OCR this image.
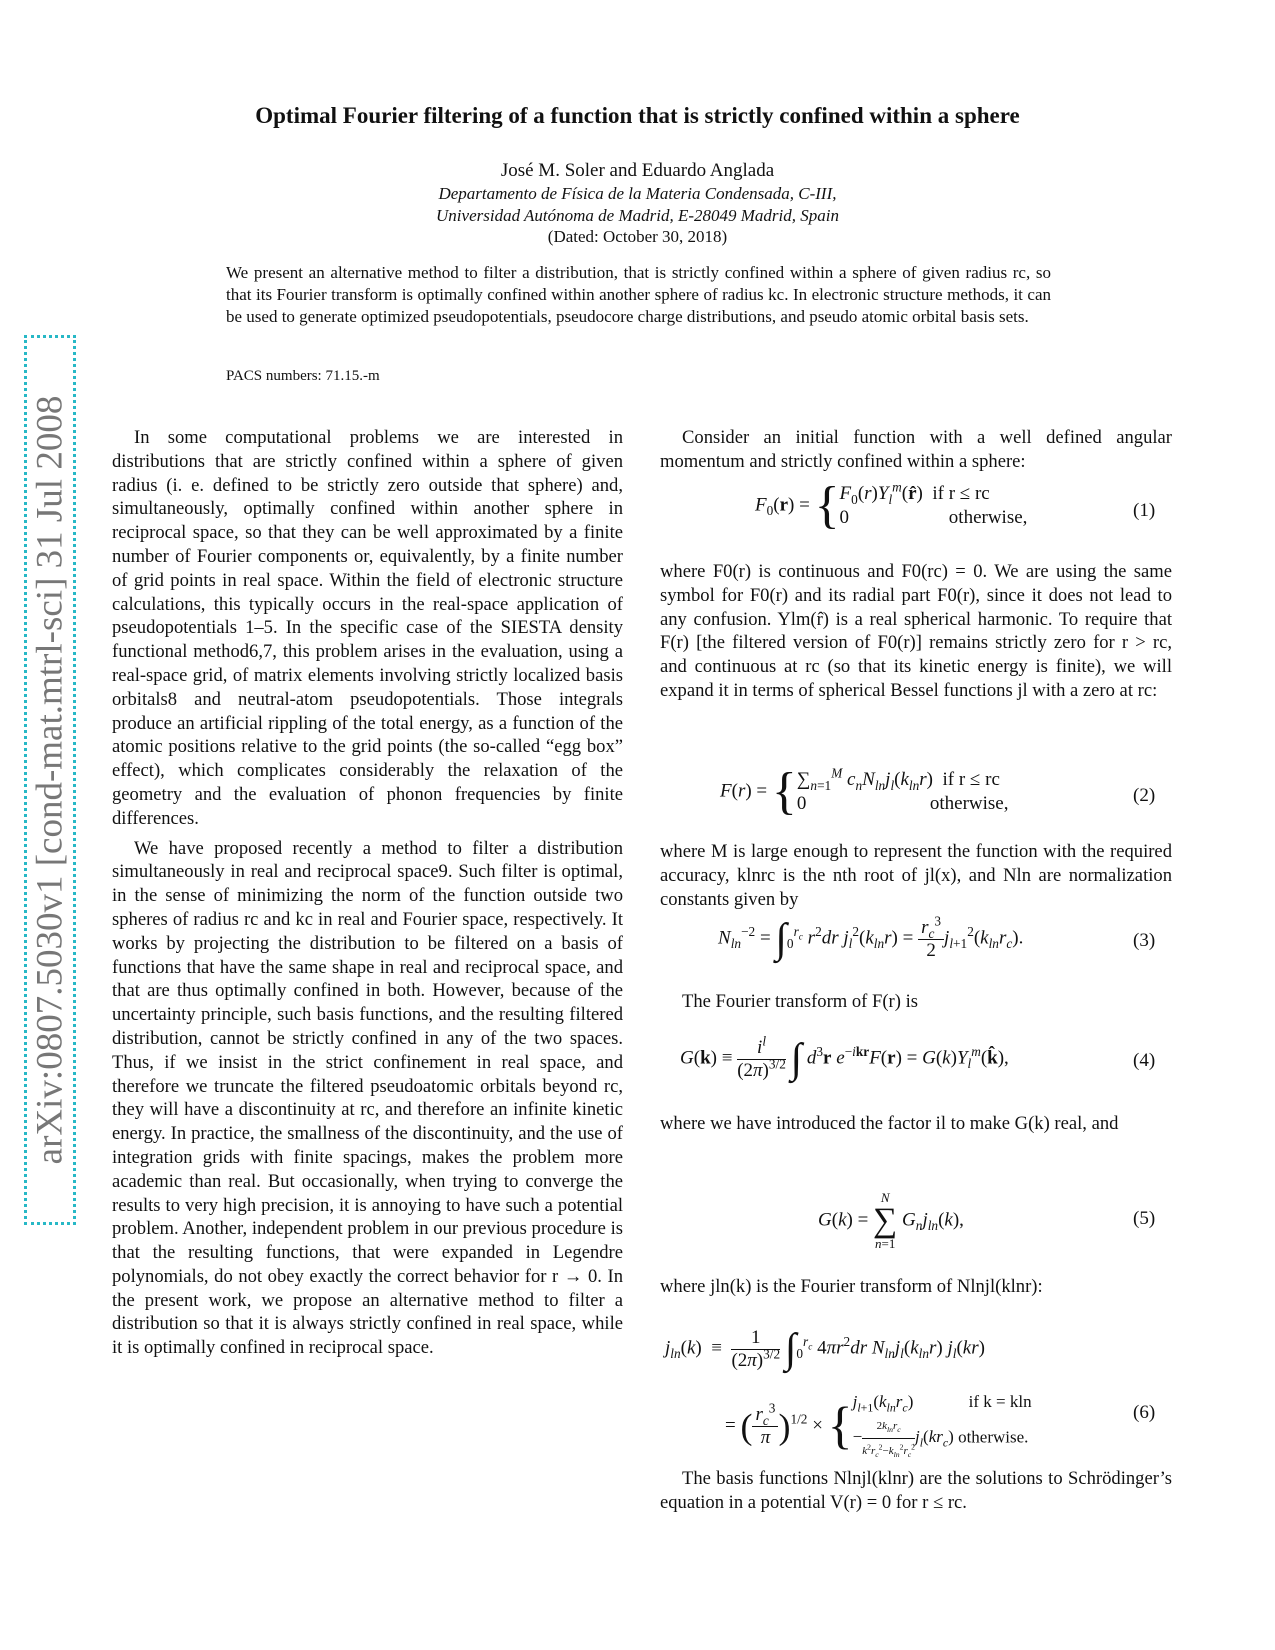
arXiv:0807.5030v1 [cond-mat.mtrl-sci] 31 Jul 2008
Optimal Fourier filtering of a function that is strictly confined within a sphere
José M. Soler and Eduardo Anglada
Departamento de Física de la Materia Condensada, C-III,
Universidad Autónoma de Madrid, E-28049 Madrid, Spain
(Dated: October 30, 2018)
We present an alternative method to filter a distribution, that is strictly confined within a sphere of given radius rc, so that its Fourier transform is optimally confined within another sphere of radius kc. In electronic structure methods, it can be used to generate optimized pseudopotentials, pseudocore charge distributions, and pseudo atomic orbital basis sets.
PACS numbers: 71.15.-m

In some computational problems we are interested in distributions that are strictly confined within a sphere of given radius (i. e. defined to be strictly zero outside that sphere) and, simultaneously, optimally confined within another sphere in reciprocal space, so that they can be well approximated by a finite number of Fourier components or, equivalently, by a finite number of grid points in real space. Within the field of electronic structure calculations, this typically occurs in the real-space application of pseudopotentials 1–5. In the specific case of the SIESTA density functional method6,7, this problem arises in the evaluation, using a real-space grid, of matrix elements involving strictly localized basis orbitals8 and neutral-atom pseudopotentials. Those integrals produce an artificial rippling of the total energy, as a function of the atomic positions relative to the grid points (the so-called “egg box” effect), which complicates considerably the relaxation of the geometry and the evaluation of phonon frequencies by finite differences.

We have proposed recently a method to filter a distribution simultaneously in real and reciprocal space9. Such filter is optimal, in the sense of minimizing the norm of the function outside two spheres of radius rc and kc in real and Fourier space, respectively. It works by projecting the distribution to be filtered on a basis of functions that have the same shape in real and reciprocal space, and that are thus optimally confined in both. However, because of the uncertainty principle, such basis functions, and the resulting filtered distribution, cannot be strictly confined in any of the two spaces. Thus, if we insist in the strict confinement in real space, and therefore we truncate the filtered pseudoatomic orbitals beyond rc, they will have a discontinuity at rc, and therefore an infinite kinetic energy. In practice, the smallness of the discontinuity, and the use of integration grids with finite spacings, makes the problem more academic than real. But occasionally, when trying to converge the results to very high precision, it is annoying to have such a potential problem. Another, independent problem in our previous procedure is that the resulting functions, that were expanded in Legendre polynomials, do not obey exactly the correct behavior for r → 0. In the present work, we propose an alternative method to filter a distribution so that it is always strictly confined in real space, while it is optimally confined in reciprocal space.

Consider an initial function with a well defined angular momentum and strictly confined within a sphere:

$F_0(r)$ = {$F_0(r)Y_l^m(r̂)$  if r ≤ rc
0                     otherwise,	(1)

where F0(r) is continuous and F0(rc) = 0. We are using the same symbol for F0(r) and its radial part F0(r), since it does not lead to any confusion. Ylm(r̂) is a real spherical harmonic. To require that F(r) [the filtered version of F0(r)] remains strictly zero for r > rc, and continuous at rc (so that its kinetic energy is finite), we will expand it in terms of spherical Bessel functions jl with a zero at rc:

$F(r) = \{\sum_{n=1}^M$ $c_nN_{ln}j_l(k_{ln}r)$  if r ≤ rc
0                          otherwise,	(2)

where M is large enough to represent the function with the required accuracy, klnrc is the nth root of jl(x), and Nln are normalization constants given by

$N_{ln}^{-2} = \int_0^{r_c}$ $r^2dr$ $j_l^2(k_{ln}r) = \frac{r_c^3}{2} j_{l+1}^2(k_{ln}r_c)$.	(3)

The Fourier transform of F(r) is

$G(k) \equiv \frac{i^l}{(2\pi)^{3/2}}$ ∫ $d^3r$ $e^{-ikr}F(r)$ = $G(k)Y_l^m(k̂)$,	(4)

where we have introduced the factor il to make G(k) real, and

G(k) =
N
∑
n=1
$G_nj_{ln}(k)$,	(5)

where jln(k) is the Fourier transform of Nlnjl(klnr):

$j_{ln}(k) \equiv \frac{1}{(2\pi)^{3/2}} \int_0^{r_c}$ $4\pi r^2dr$ $N_{ln}j_l(k_{ln}r)$ $j_l(kr)$
= ( $\frac{r_c^3}{\pi} )^{1/2} \times \{j_{l+1}(k_{ln}r_c)$             if k = kln
− $\frac{2k_{ln}r_c}{k^2r_c^2-k_{ln}^2r_c^2} j_l(kr_c)$ otherwise.
(6)

The basis functions Nlnjl(klnr) are the solutions to Schrödinger’s equation in a potential V(r) = 0 for r ≤ rc.
